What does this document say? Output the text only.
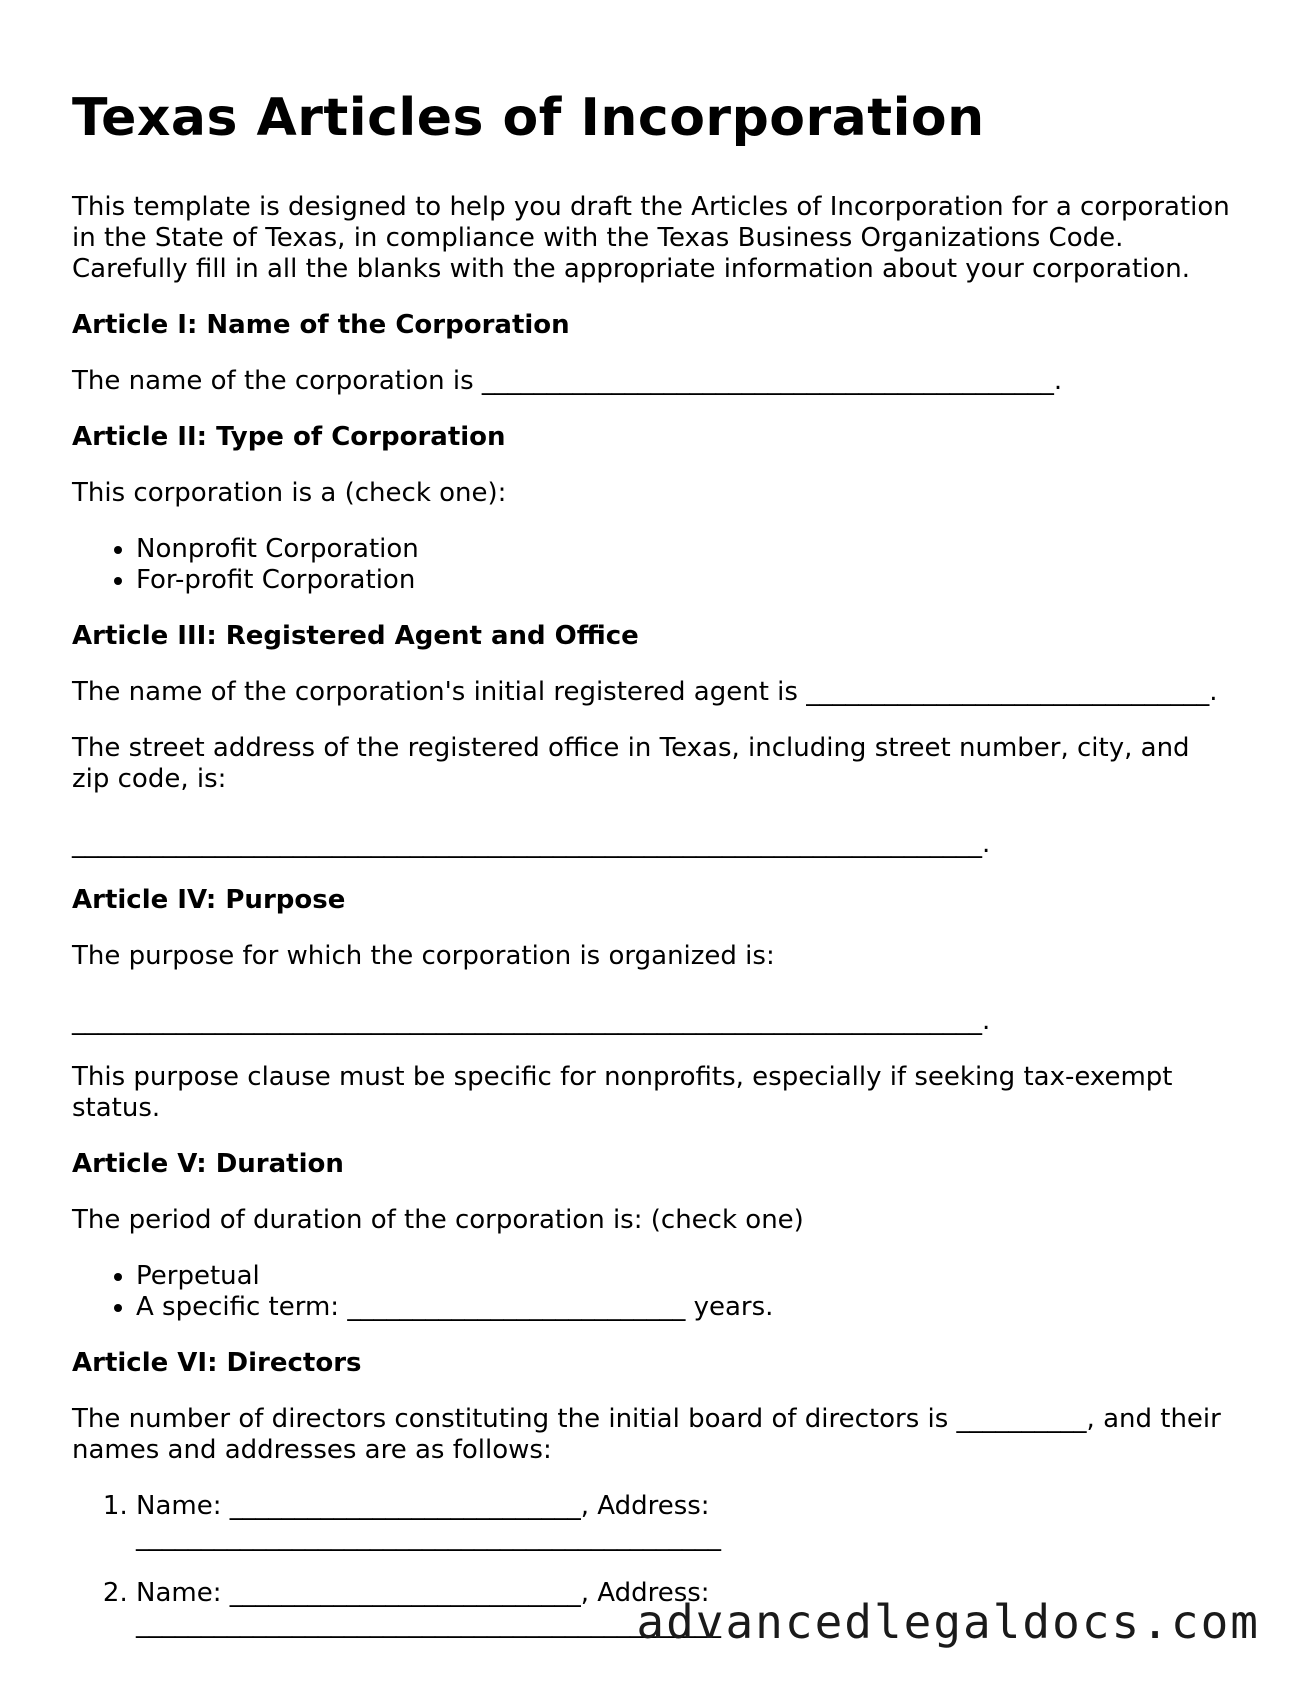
Texas Articles of Incorporation

This template is designed to help you draft the Articles of Incorporation for a corporation in the State of Texas, in compliance with the Texas Business Organizations Code. Carefully fill in all the blanks with the appropriate information about your corporation.

Article I: Name of the Corporation

The name of the corporation is ____________________________________________.

Article II: Type of Corporation

This corporation is a (check one):

• Nonprofit Corporation
• For-profit Corporation
Article III: Registered Agent and Office

The name of the corporation's initial registered agent is _______________________________.

The street address of the registered office in Texas, including street number, city, and zip code, is:

______________________________________________________________________.

Article IV: Purpose

The purpose for which the corporation is organized is:

______________________________________________________________________.

This purpose clause must be specific for nonprofits, especially if seeking tax-exempt status.

Article V: Duration

The period of duration of the corporation is: (check one)

• Perpetual
• A specific term: __________________________ years.
Article VI: Directors

The number of directors constituting the initial board of directors is __________, and their names and addresses are as follows:

1. Name: ___________________________, Address:
_____________________________________________
2. Name: ___________________________, Address:
_____________________________________________
advancedlegaldocs.com
